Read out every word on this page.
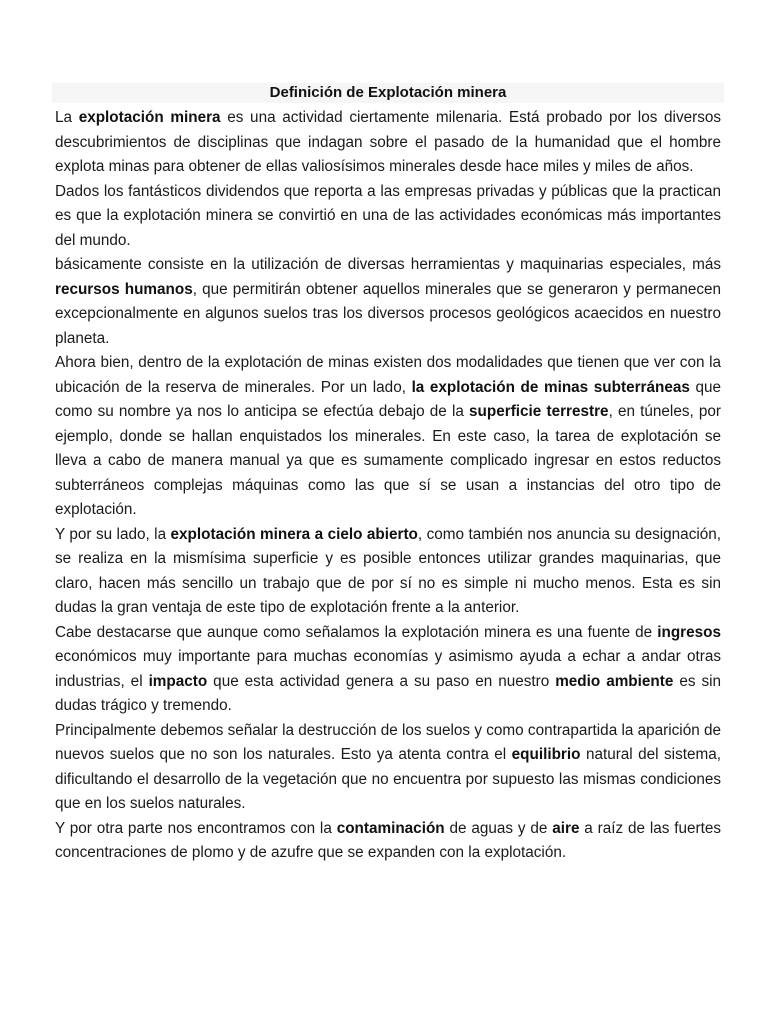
Definición de Explotación minera

La explotación minera es una actividad ciertamente milenaria. Está probado por los diversos descubrimientos de disciplinas que indagan sobre el pasado de la humanidad que el hombre explota minas para obtener de ellas valiosísimos minerales desde hace miles y miles de años.

Dados los fantásticos dividendos que reporta a las empresas privadas y públicas que la practican es que la explotación minera se convirtió en una de las actividades económicas más importantes del mundo.

básicamente consiste en la utilización de diversas herramientas y maquinarias especiales, más recursos humanos, que permitirán obtener aquellos minerales que se generaron y permanecen excepcionalmente en algunos suelos tras los diversos procesos geológicos acaecidos en nuestro planeta.

Ahora bien, dentro de la explotación de minas existen dos modalidades que tienen que ver con la ubicación de la reserva de minerales. Por un lado, la explotación de minas subterráneas que como su nombre ya nos lo anticipa se efectúa debajo de la superficie terrestre, en túneles, por ejemplo, donde se hallan enquistados los minerales. En este caso, la tarea de explotación se lleva a cabo de manera manual ya que es sumamente complicado ingresar en estos reductos subterráneos complejas máquinas como las que sí se usan a instancias del otro tipo de explotación.

Y por su lado, la explotación minera a cielo abierto, como también nos anuncia su designación, se realiza en la mismísima superficie y es posible entonces utilizar grandes maquinarias, que claro, hacen más sencillo un trabajo que de por sí no es simple ni mucho menos. Esta es sin dudas la gran ventaja de este tipo de explotación frente a la anterior.

Cabe destacarse que aunque como señalamos la explotación minera es una fuente de ingresos económicos muy importante para muchas economías y asimismo ayuda a echar a andar otras industrias, el impacto que esta actividad genera a su paso en nuestro medio ambiente es sin dudas trágico y tremendo.

Principalmente debemos señalar la destrucción de los suelos y como contrapartida la aparición de nuevos suelos que no son los naturales. Esto ya atenta contra el equilibrio natural del sistema, dificultando el desarrollo de la vegetación que no encuentra por supuesto las mismas condiciones que en los suelos naturales.

Y por otra parte nos encontramos con la contaminación de aguas y de aire a raíz de las fuertes concentraciones de plomo y de azufre que se expanden con la explotación.
